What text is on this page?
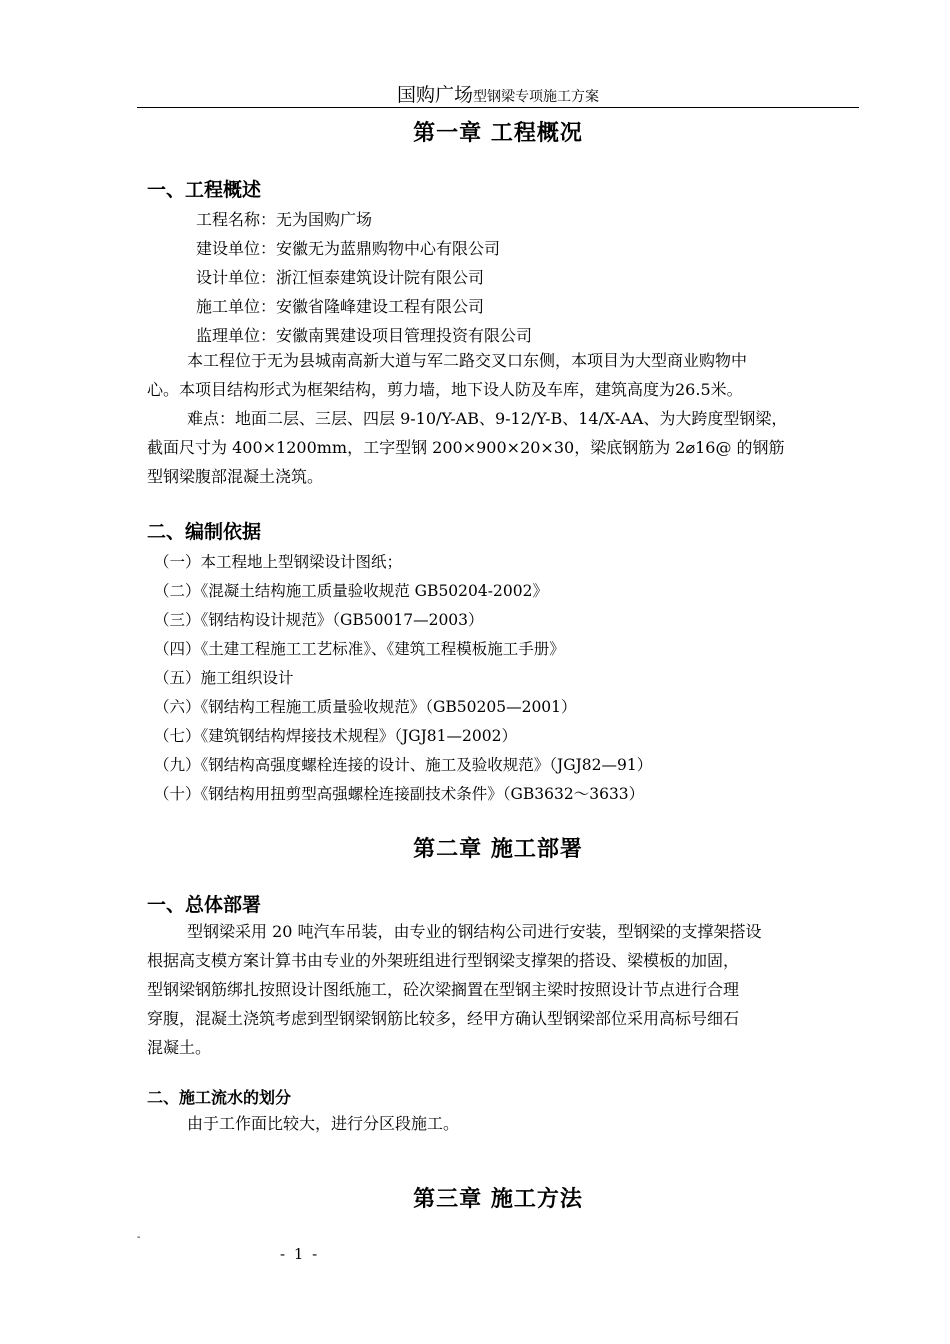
国购广场型钢梁专项施工方案
第一章 工程概况
一、工程概述
工程名称：无为国购广场
建设单位：安徽无为蓝鼎购物中心有限公司
设计单位：浙江恒泰建筑设计院有限公司
施工单位：安徽省隆峰建设工程有限公司
监理单位：安徽南巽建设项目管理投资有限公司
本工程位于无为县城南高新大道与军二路交叉口东侧，本项目为大型商业购物中
心。本项目结构形式为框架结构，剪力墙，地下设人防及车库，建筑高度为26.5米。
难点：地面二层、三层、四层 9-10/Y-AB、9-12/Y-B、14/X-AA、为大跨度型钢梁，
截面尺寸为 400×1200mm，工字型钢 200×900×20×30，梁底钢筋为 2⌀16@ 的钢筋
型钢梁腹部混凝土浇筑。
二、编制依据
（一）本工程地上型钢梁设计图纸；
（二）《混凝土结构施工质量验收规范 GB50204-2002》
（三）《钢结构设计规范》（GB50017—2003）
（四）《土建工程施工工艺标准》、《建筑工程模板施工手册》
（五）施工组织设计
（六）《钢结构工程施工质量验收规范》（GB50205—2001）
（七）《建筑钢结构焊接技术规程》（JGJ81—2002）
（九）《钢结构高强度螺栓连接的设计、施工及验收规范》（JGJ82—91）
（十）《钢结构用扭剪型高强螺栓连接副技术条件》（GB3632～3633）
第二章 施工部署
一、总体部署
型钢梁采用 20 吨汽车吊装，由专业的钢结构公司进行安装，型钢梁的支撑架搭设
根据高支模方案计算书由专业的外架班组进行型钢梁支撑架的搭设、梁模板的加固，
型钢梁钢筋绑扎按照设计图纸施工，砼次梁搁置在型钢主梁时按照设计节点进行合理
穿腹，混凝土浇筑考虑到型钢梁钢筋比较多，经甲方确认型钢梁部位采用高标号细石
混凝土。
二、施工流水的划分
由于工作面比较大，进行分区段施工。
第三章 施工方法
-
- 1 -
